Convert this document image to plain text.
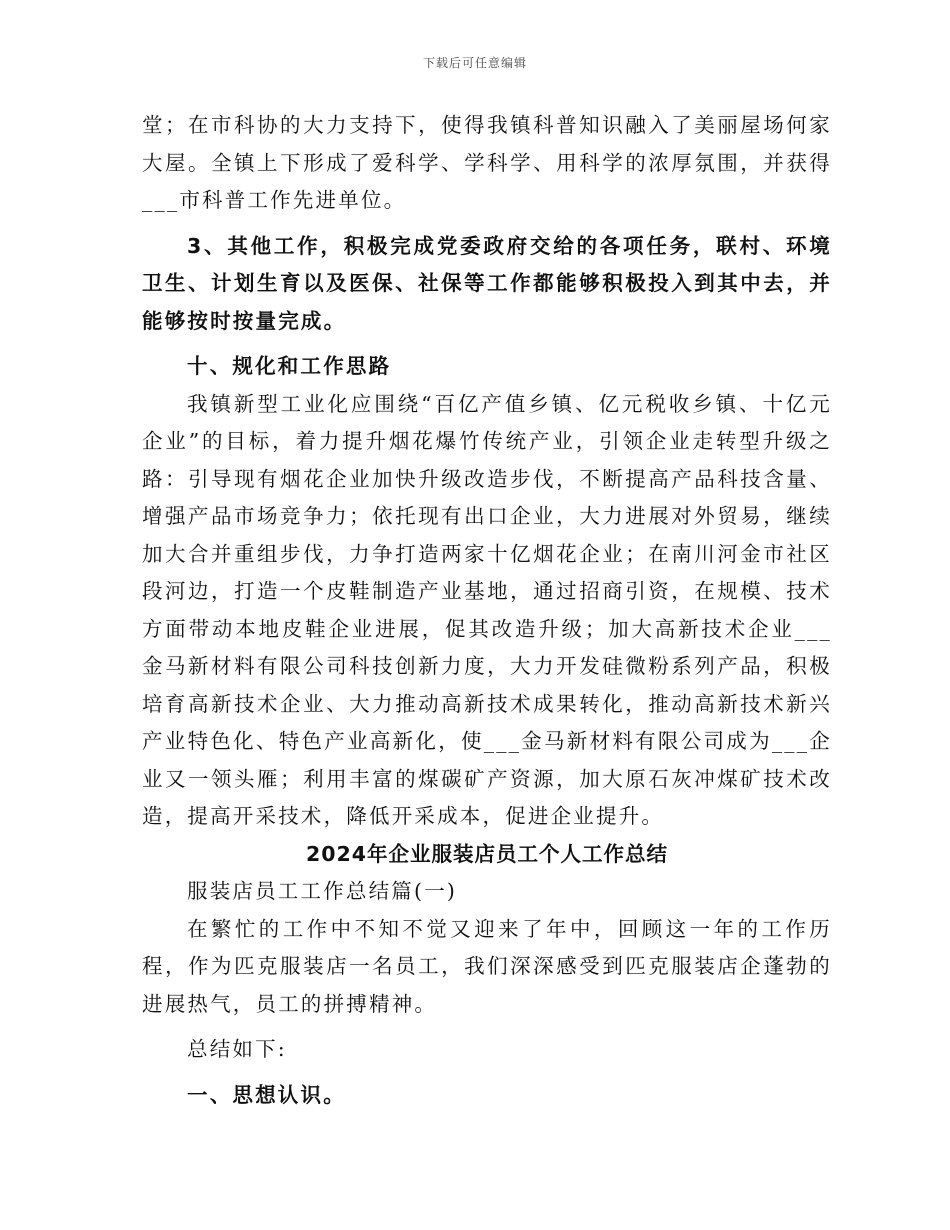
下载后可任意编辑

堂；在市科协的大力支持下，使得我镇科普知识融入了美丽屋场何家大屋。全镇上下形成了爱科学、学科学、用科学的浓厚氛围，并获得___市科普工作先进单位。

3、其他工作，积极完成党委政府交给的各项任务，联村、环境卫生、计划生育以及医保、社保等工作都能够积极投入到其中去，并能够按时按量完成。

十、规化和工作思路

我镇新型工业化应围绕“百亿产值乡镇、亿元税收乡镇、十亿元企业”的目标，着力提升烟花爆竹传统产业，引领企业走转型升级之路：引导现有烟花企业加快升级改造步伐，不断提高产品科技含量、增强产品市场竞争力；依托现有出口企业，大力进展对外贸易，继续加大合并重组步伐，力争打造两家十亿烟花企业；在南川河金市社区段河边，打造一个皮鞋制造产业基地，通过招商引资，在规模、技术方面带动本地皮鞋企业进展，促其改造升级；加大高新技术企业___金马新材料有限公司科技创新力度，大力开发硅微粉系列产品，积极培育高新技术企业、大力推动高新技术成果转化，推动高新技术新兴产业特色化、特色产业高新化，使___金马新材料有限公司成为___企业又一领头雁；利用丰富的煤碳矿产资源，加大原石灰冲煤矿技术改造，提高开采技术，降低开采成本，促进企业提升。

2024年企业服装店员工个人工作总结

服装店员工工作总结篇(一)

在繁忙的工作中不知不觉又迎来了年中，回顾这一年的工作历程，作为匹克服装店一名员工，我们深深感受到匹克服装店企蓬勃的进展热气，员工的拼搏精神。

总结如下:

一、思想认识。
